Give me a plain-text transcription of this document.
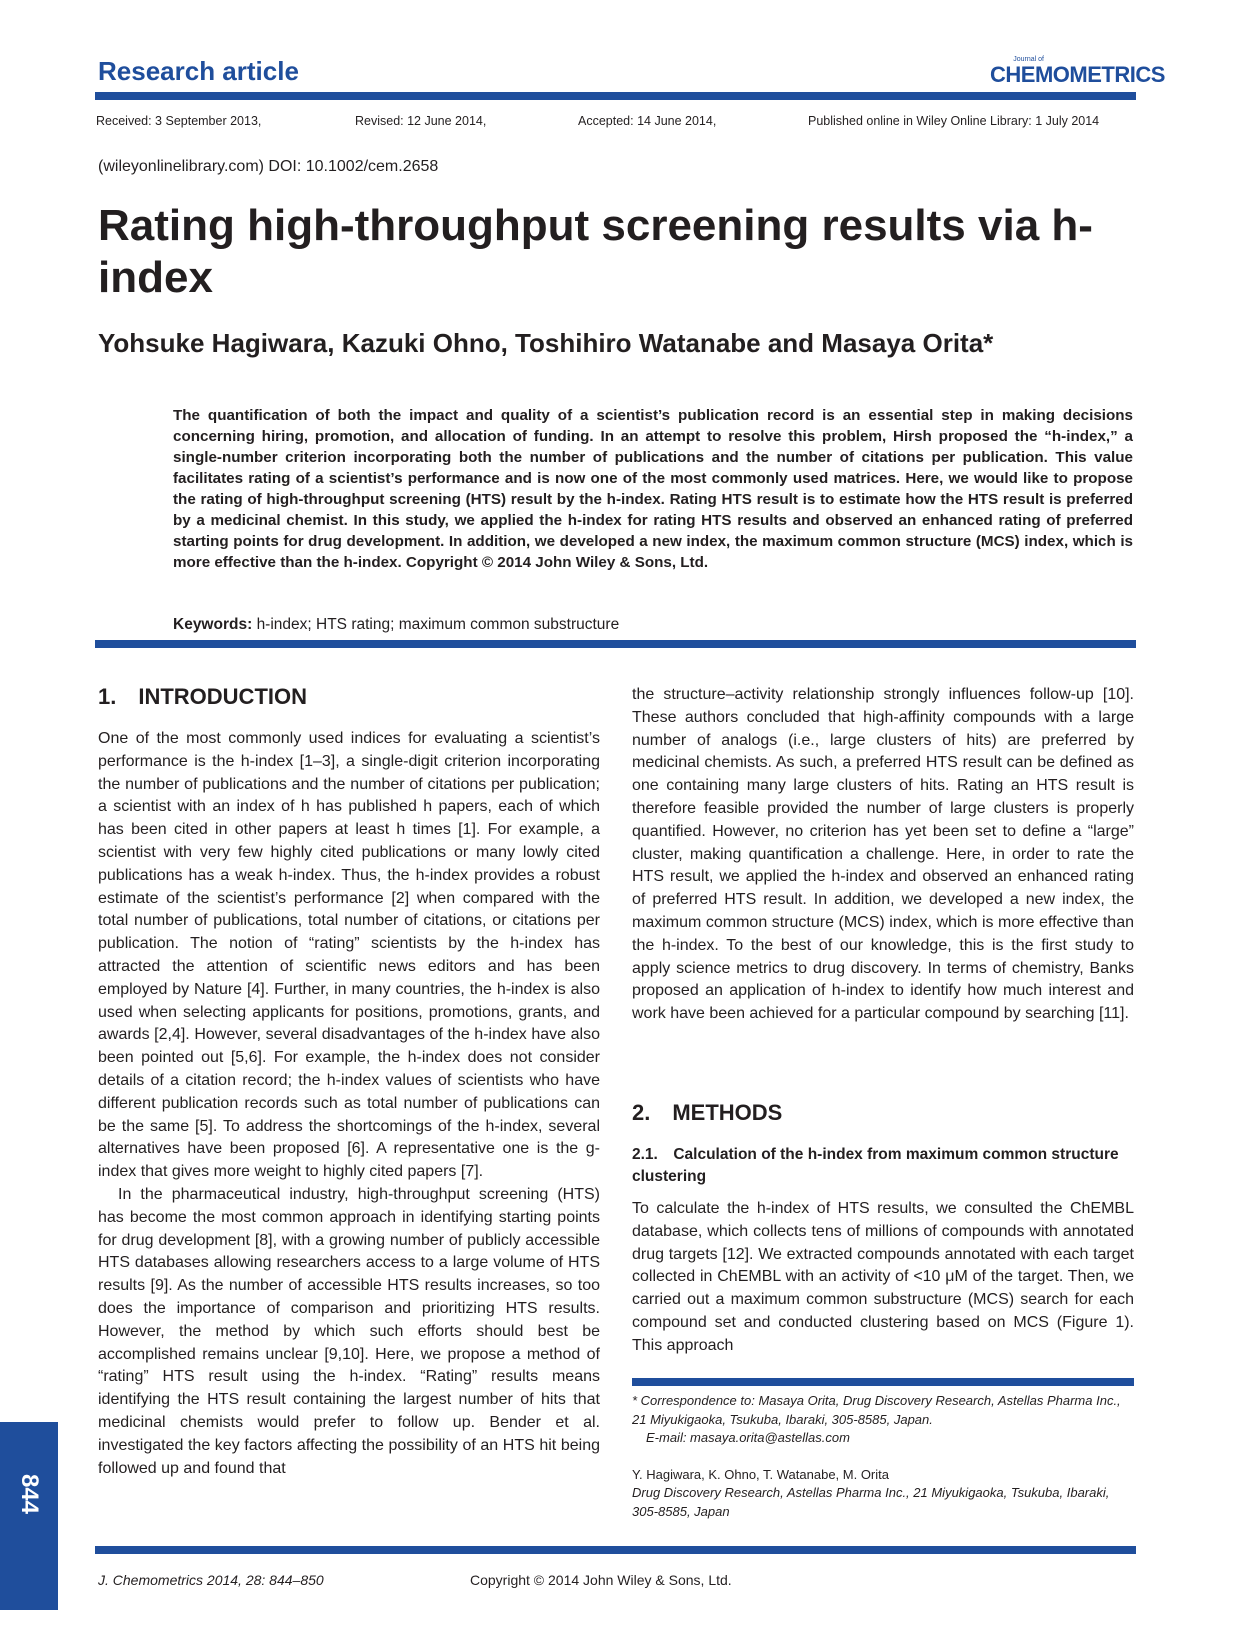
Research article	Journal of
CHEMOMETRICS
Received: 3 September 2013,	Revised: 12 June 2014,	Accepted: 14 June 2014,	Published online in Wiley Online Library: 1 July 2014
(wileyonlinelibrary.com) DOI: 10.1002/cem.2658
Rating high-throughput screening results via h-index
Yohsuke Hagiwara, Kazuki Ohno, Toshihiro Watanabe and Masaya Orita*
The quantification of both the impact and quality of a scientist’s publication record is an essential step in making decisions concerning hiring, promotion, and allocation of funding. In an attempt to resolve this problem, Hirsh proposed the “h-index,” a single-number criterion incorporating both the number of publications and the number of citations per publication. This value facilitates rating of a scientist’s performance and is now one of the most commonly used matrices. Here, we would like to propose the rating of high-throughput screening (HTS) result by the h-index. Rating HTS result is to estimate how the HTS result is preferred by a medicinal chemist. In this study, we applied the h-index for rating HTS results and observed an enhanced rating of preferred starting points for drug development. In addition, we developed a new index, the maximum common structure (MCS) index, which is more effective than the h-index. Copyright © 2014 John Wiley & Sons, Ltd.
Keywords: h-index; HTS rating; maximum common substructure
1. INTRODUCTION

One of the most commonly used indices for evaluating a scientist’s performance is the h-index [1–3], a single-digit criterion incorporating the number of publications and the number of citations per publication; a scientist with an index of h has published h papers, each of which has been cited in other papers at least h times [1]. For example, a scientist with very few highly cited publications or many lowly cited publications has a weak h-index. Thus, the h-index provides a robust estimate of the scientist’s performance [2] when compared with the total number of publications, total number of citations, or citations per publication. The notion of “rating” scientists by the h-index has attracted the attention of scientific news editors and has been employed by Nature [4]. Further, in many countries, the h-index is also used when selecting applicants for positions, promotions, grants, and awards [2,4]. However, several disadvantages of the h-index have also been pointed out [5,6]. For example, the h-index does not consider details of a citation record; the h-index values of scientists who have different publication records such as total number of publications can be the same [5]. To address the shortcomings of the h-index, several alternatives have been proposed [6]. A representative one is the g-index that gives more weight to highly cited papers [7].

In the pharmaceutical industry, high-throughput screening (HTS) has become the most common approach in identifying starting points for drug development [8], with a growing number of publicly accessible HTS databases allowing researchers access to a large volume of HTS results [9]. As the number of accessible HTS results increases, so too does the importance of comparison and prioritizing HTS results. However, the method by which such efforts should best be accomplished remains unclear [9,10]. Here, we propose a method of “rating” HTS result using the h-index. “Rating” results means identifying the HTS result containing the largest number of hits that medicinal chemists would prefer to follow up. Bender et al. investigated the key factors affecting the possibility of an HTS hit being followed up and found that

the structure–activity relationship strongly influences follow-up [10]. These authors concluded that high-affinity compounds with a large number of analogs (i.e., large clusters of hits) are preferred by medicinal chemists. As such, a preferred HTS result can be defined as one containing many large clusters of hits. Rating an HTS result is therefore feasible provided the number of large clusters is properly quantified. However, no criterion has yet been set to define a “large” cluster, making quantification a challenge. Here, in order to rate the HTS result, we applied the h-index and observed an enhanced rating of preferred HTS result. In addition, we developed a new index, the maximum common structure (MCS) index, which is more effective than the h-index. To the best of our knowledge, this is the first study to apply science metrics to drug discovery. In terms of chemistry, Banks proposed an application of h-index to identify how much interest and work have been achieved for a particular compound by searching [11].

2. METHODS
2.1. Calculation of the h-index from maximum common structure clustering

To calculate the h-index of HTS results, we consulted the ChEMBL database, which collects tens of millions of compounds with annotated drug targets [12]. We extracted compounds annotated with each target collected in ChEMBL with an activity of <10 μM of the target. Then, we carried out a maximum common substructure (MCS) search for each compound set and conducted clustering based on MCS (Figure 1). This approach

* Correspondence to: Masaya Orita, Drug Discovery Research, Astellas Pharma Inc., 21 Miyukigaoka, Tsukuba, Ibaraki, 305-8585, Japan.

E-mail: masaya.orita@astellas.com

Y. Hagiwara, K. Ohno, T. Watanabe, M. Orita

Drug Discovery Research, Astellas Pharma Inc., 21 Miyukigaoka, Tsukuba, Ibaraki, 305-8585, Japan

844
J. Chemometrics 2014, 28: 844–850	Copyright © 2014 John Wiley & Sons, Ltd.
